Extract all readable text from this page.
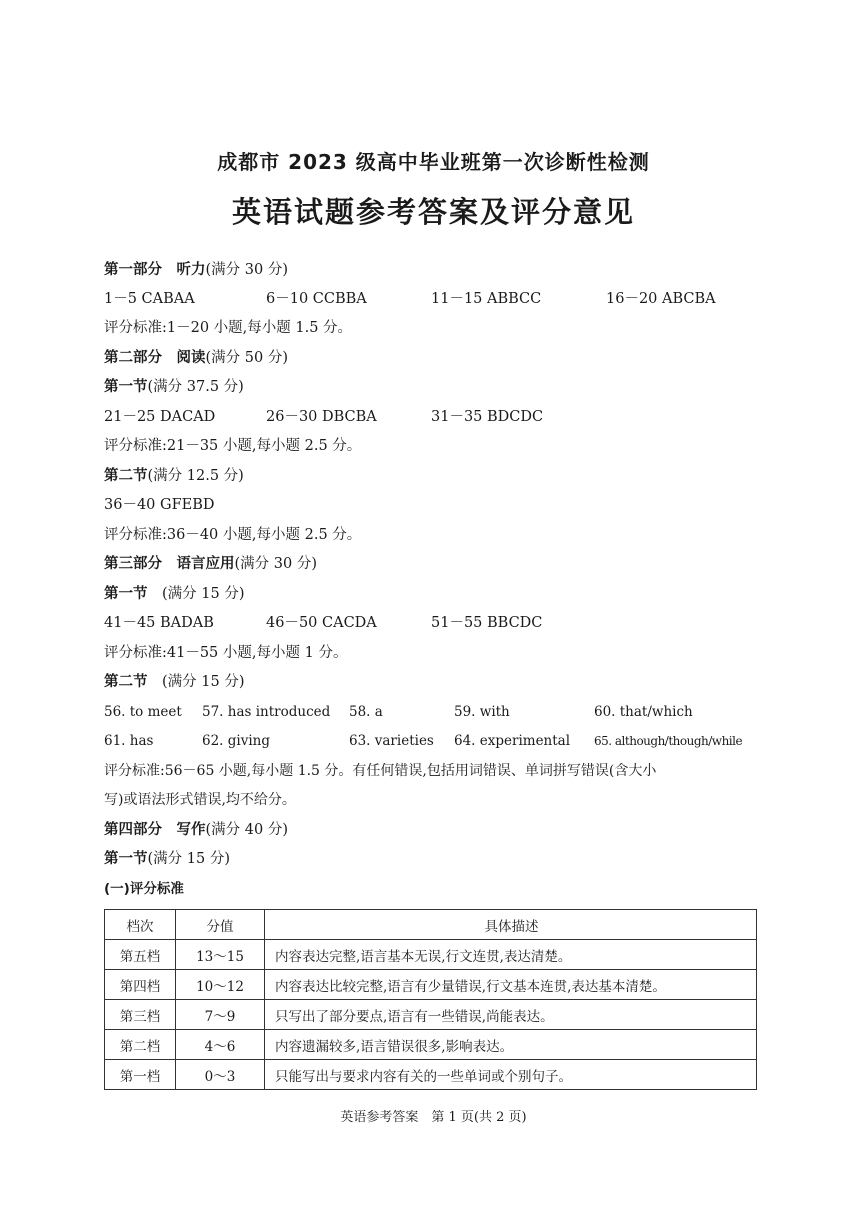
成都市 2023 级高中毕业班第一次诊断性检测
英语试题参考答案及评分意见
第一部分　听力(满分 30 分)
1－5 CABAA	6－10 CCBBA	11－15 ABBCC	16－20 ABCBA
评分标准:1－20 小题,每小题 1.5 分。
第二部分　阅读(满分 50 分)
第一节(满分 37.5 分)
21－25 DACAD	26－30 DBCBA	31－35 BDCDC
评分标准:21－35 小题,每小题 2.5 分。
第二节(满分 12.5 分)
36－40 GFEBD
评分标准:36－40 小题,每小题 2.5 分。
第三部分　语言应用(满分 30 分)
第一节　(满分 15 分)
41－45 BADAB	46－50 CACDA	51－55 BBCDC
评分标准:41－55 小题,每小题 1 分。
第二节　(满分 15 分)
56. to meet 57. has introduced 58. a	59. with	60. that/which
61. has	62. giving	63. varieties 64. experimental 65. although/though/while
评分标准:56－65 小题,每小题 1.5 分。有任何错误,包括用词错误、单词拼写错误(含大小
写)或语法形式错误,均不给分。
第四部分　写作(满分 40 分)
第一节(满分 15 分)
(一)评分标准
档次	分值	具体描述
第五档	13～15	内容表达完整,语言基本无误,行文连贯,表达清楚。
第四档	10～12	内容表达比较完整,语言有少量错误,行文基本连贯,表达基本清楚。
第三档	7～9	只写出了部分要点,语言有一些错误,尚能表达。
第二档	4～6	内容遗漏较多,语言错误很多,影响表达。
第一档	0～3	只能写出与要求内容有关的一些单词或个别句子。
英语参考答案　第 1 页(共 2 页)
